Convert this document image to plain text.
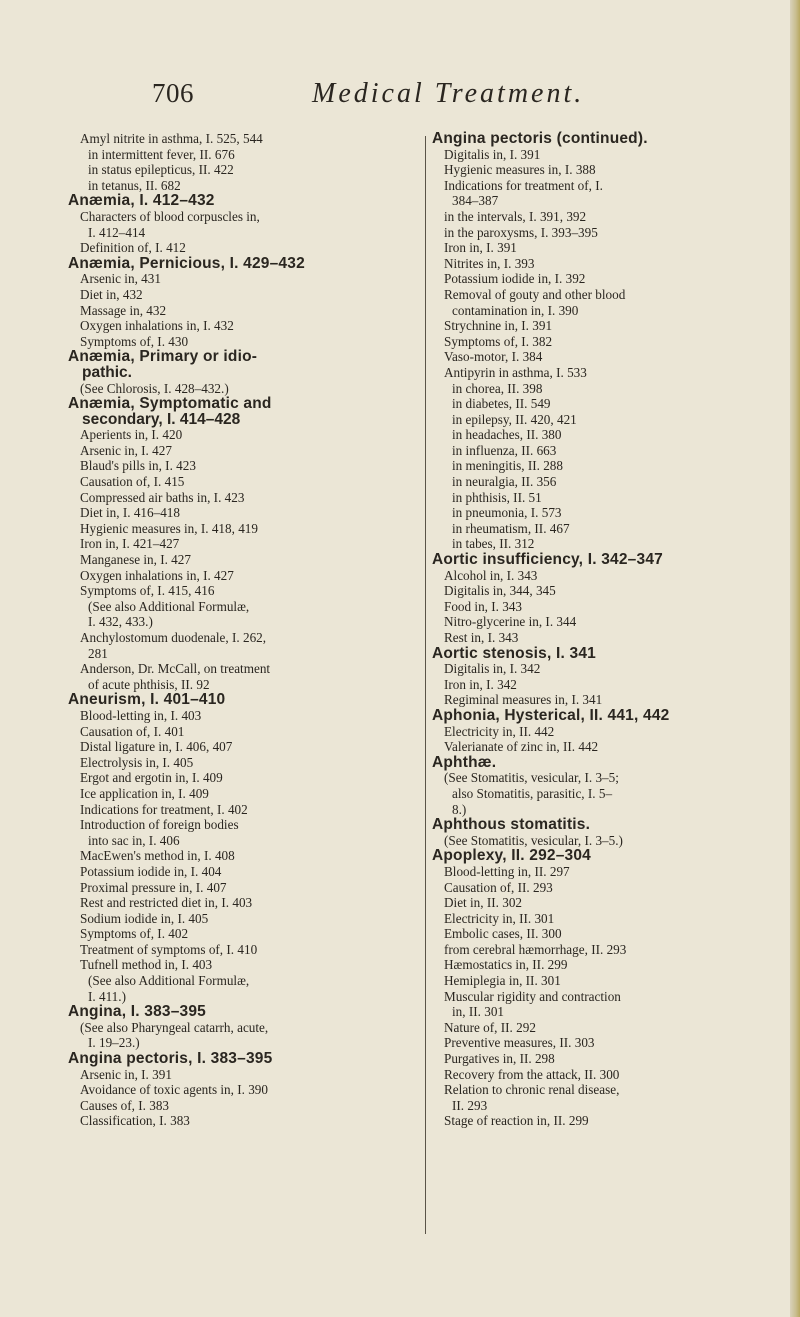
706	Medical Treatment.
Amyl nitrite in asthma, I. 525, 544
in intermittent fever, II. 676
in status epilepticus, II. 422
in tetanus, II. 682
Anæmia, I. 412–432
Characters of blood corpuscles in,
I. 412–414
Definition of, I. 412
Anæmia, Pernicious, I. 429–432
Arsenic in, 431
Diet in, 432
Massage in, 432
Oxygen inhalations in, I. 432
Symptoms of, I. 430
Anæmia, Primary or idio-
pathic.
(See Chlorosis, I. 428–432.)
Anæmia, Symptomatic and
secondary, I. 414–428
Aperients in, I. 420
Arsenic in, I. 427
Blaud's pills in, I. 423
Causation of, I. 415
Compressed air baths in, I. 423
Diet in, I. 416–418
Hygienic measures in, I. 418, 419
Iron in, I. 421–427
Manganese in, I. 427
Oxygen inhalations in, I. 427
Symptoms of, I. 415, 416
(See also Additional Formulæ,
I. 432, 433.)
Anchylostomum duodenale, I. 262,
281
Anderson, Dr. McCall, on treatment
of acute phthisis, II. 92
Aneurism, I. 401–410
Blood-letting in, I. 403
Causation of, I. 401
Distal ligature in, I. 406, 407
Electrolysis in, I. 405
Ergot and ergotin in, I. 409
Ice application in, I. 409
Indications for treatment, I. 402
Introduction of foreign bodies
into sac in, I. 406
MacEwen's method in, I. 408
Potassium iodide in, I. 404
Proximal pressure in, I. 407
Rest and restricted diet in, I. 403
Sodium iodide in, I. 405
Symptoms of, I. 402
Treatment of symptoms of, I. 410
Tufnell method in, I. 403
(See also Additional Formulæ,
I. 411.)
Angina, I. 383–395
(See also Pharyngeal catarrh, acute,
I. 19–23.)
Angina pectoris, I. 383–395
Arsenic in, I. 391
Avoidance of toxic agents in, I. 390
Causes of, I. 383
Classification, I. 383
Angina pectoris (continued).
Digitalis in, I. 391
Hygienic measures in, I. 388
Indications for treatment of, I.
384–387
in the intervals, I. 391, 392
in the paroxysms, I. 393–395
Iron in, I. 391
Nitrites in, I. 393
Potassium iodide in, I. 392
Removal of gouty and other blood
contamination in, I. 390
Strychnine in, I. 391
Symptoms of, I. 382
Vaso-motor, I. 384
Antipyrin in asthma, I. 533
in chorea, II. 398
in diabetes, II. 549
in epilepsy, II. 420, 421
in headaches, II. 380
in influenza, II. 663
in meningitis, II. 288
in neuralgia, II. 356
in phthisis, II. 51
in pneumonia, I. 573
in rheumatism, II. 467
in tabes, II. 312
Aortic insufficiency, I. 342–347
Alcohol in, I. 343
Digitalis in, 344, 345
Food in, I. 343
Nitro-glycerine in, I. 344
Rest in, I. 343
Aortic stenosis, I. 341
Digitalis in, I. 342
Iron in, I. 342
Regiminal measures in, I. 341
Aphonia, Hysterical, II. 441, 442
Electricity in, II. 442
Valerianate of zinc in, II. 442
Aphthæ.
(See Stomatitis, vesicular, I. 3–5;
also Stomatitis, parasitic, I. 5–
8.)
Aphthous stomatitis.
(See Stomatitis, vesicular, I. 3–5.)
Apoplexy, II. 292–304
Blood-letting in, II. 297
Causation of, II. 293
Diet in, II. 302
Electricity in, II. 301
Embolic cases, II. 300
from cerebral hæmorrhage, II. 293
Hæmostatics in, II. 299
Hemiplegia in, II. 301
Muscular rigidity and contraction
in, II. 301
Nature of, II. 292
Preventive measures, II. 303
Purgatives in, II. 298
Recovery from the attack, II. 300
Relation to chronic renal disease,
II. 293
Stage of reaction in, II. 299
